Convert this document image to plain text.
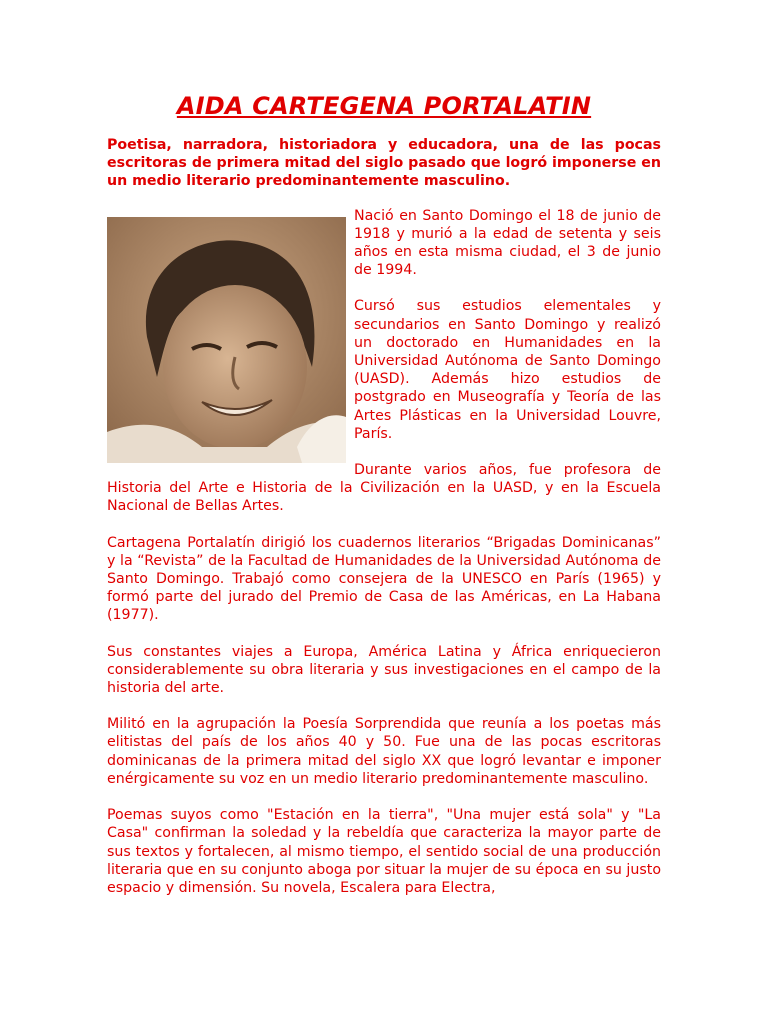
AIDA CARTEGENA PORTALATIN

Poetisa, narradora, historiadora y educadora, una de las pocas escritoras de primera mitad del siglo pasado que logró imponerse en un medio literario predominantemente masculino.

Nació en Santo Domingo el 18 de junio de 1918 y murió a la edad de setenta y seis años en esta misma ciudad, el 3 de junio de 1994.

Cursó sus estudios elementales y secundarios en Santo Domingo y realizó un doctorado en Humanidades en la Universidad Autónoma de Santo Domingo (UASD). Además hizo estudios de postgrado en Museografía y Teoría de las Artes Plásticas en la Universidad Louvre, París.

Durante varios años, fue profesora de Historia del Arte e Historia de la Civilización en la UASD, y en la Escuela Nacional de Bellas Artes.

Cartagena Portalatín dirigió los cuadernos literarios “Brigadas Dominicanas” y la “Revista” de la Facultad de Humanidades de la Universidad Autónoma de Santo Domingo. Trabajó como consejera de la UNESCO en París (1965) y formó parte del jurado del Premio de Casa de las Américas, en La Habana (1977).

Sus constantes viajes a Europa, América Latina y África enriquecieron considerablemente su obra literaria y sus investigaciones en el campo de la historia del arte.

Militó en la agrupación la Poesía Sorprendida que reunía a los poetas más elitistas del país de los años 40 y 50. Fue una de las pocas escritoras dominicanas de la primera mitad del siglo XX que logró levantar e imponer enérgicamente su voz en un medio literario predominantemente masculino.

Poemas suyos como "Estación en la tierra", "Una mujer está sola" y "La Casa" confirman la soledad y la rebeldía que caracteriza la mayor parte de sus textos y fortalecen, al mismo tiempo, el sentido social de una producción literaria que en su conjunto aboga por situar la mujer de su época en su justo espacio y dimensión. Su novela, Escalera para Electra,
